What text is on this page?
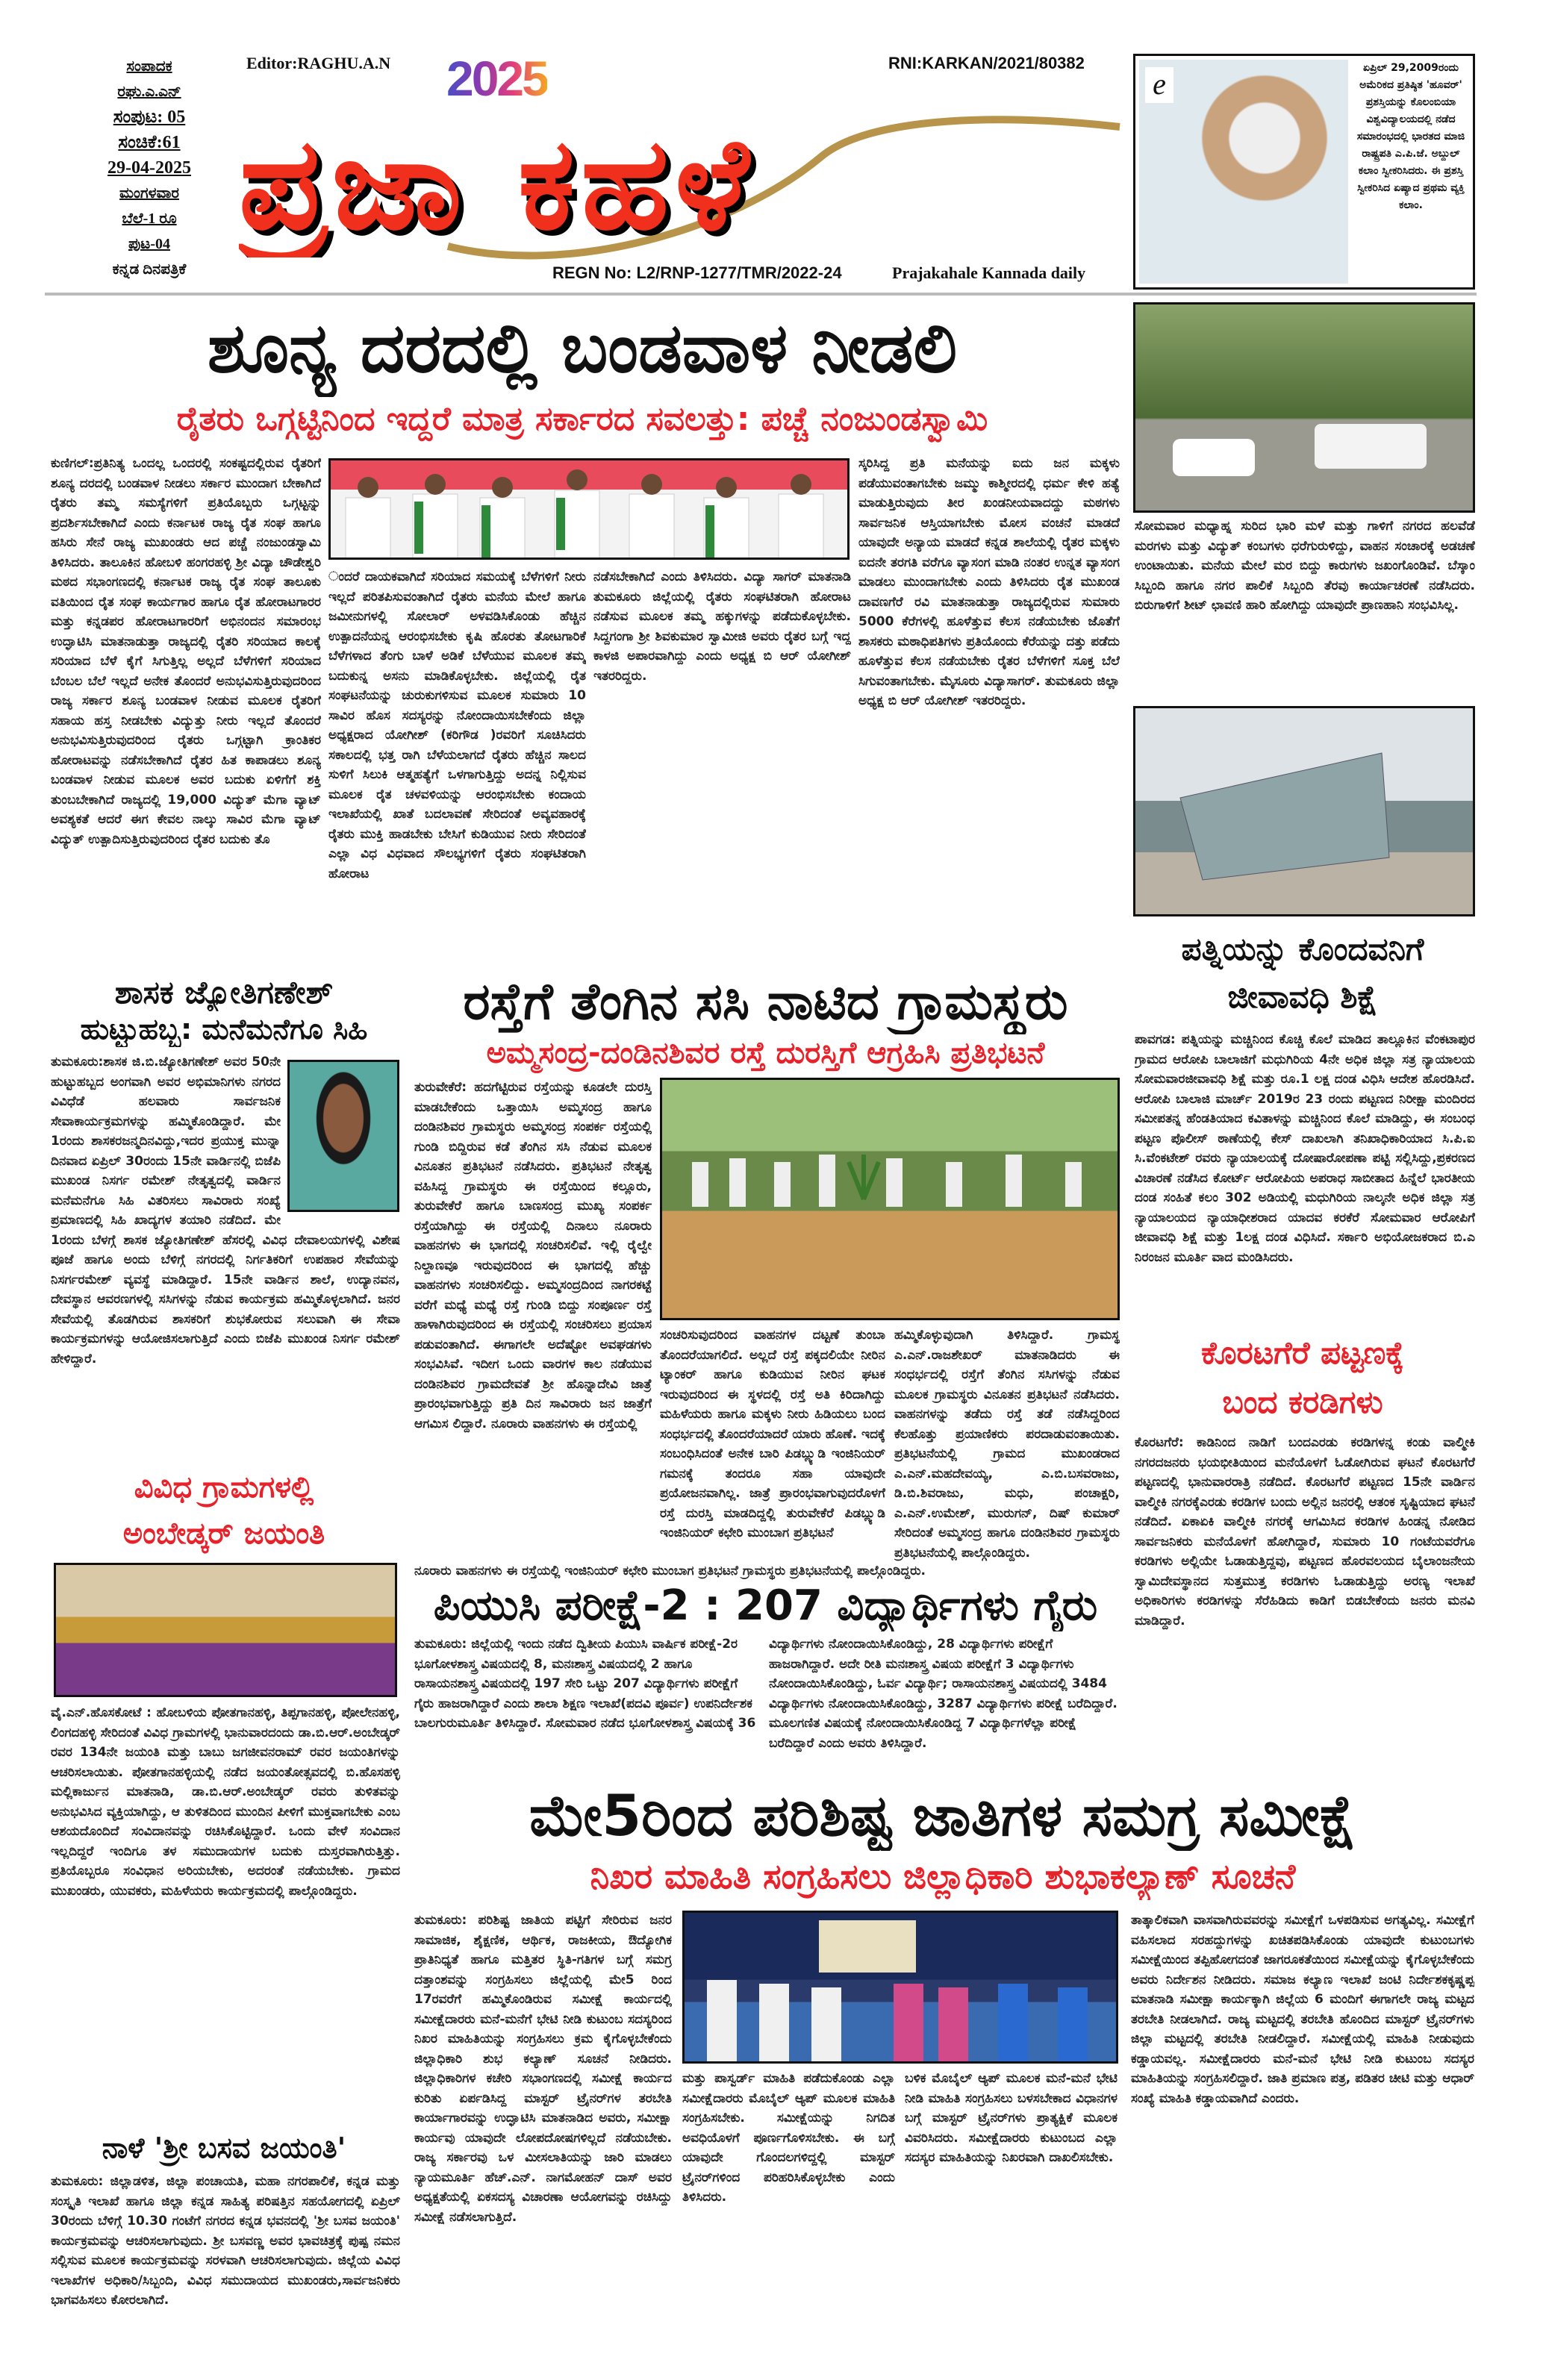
ಸಂಪಾದಕ
ರಘು.ಎ.ಎನ್
ಸಂಪುಟ: 05
ಸಂಚಿಕೆ:61
29-04-2025
ಮಂಗಳವಾರ
ಬೆಲೆ-1 ರೂ
ಪುಟ-04
ಕನ್ನಡ ದಿನಪತ್ರಿಕೆ
Editor:RAGHU.A.N 2025	RNI:KARKAN/2021/80382
ಪ್ರಜಾ ಕಹಳೆ
REGN No: L2/RNP-1277/TMR/2022-24	Prajakahale Kannada daily
e	ಏಪ್ರಿಲ್ 29,2009ರಂದು ಅಮೆರಿಕದ ಪ್ರತಿಷ್ಠಿತ 'ಹೂವರ್' ಪ್ರಶಸ್ತಿಯನ್ನು ಕೊಲಂಬಿಯಾ ವಿಶ್ವವಿದ್ಯಾಲಯದಲ್ಲಿ ನಡೆದ ಸಮಾರಂಭದಲ್ಲಿ ಭಾರತದ ಮಾಜಿ ರಾಷ್ಟ್ರಪತಿ ಎ.ಪಿ.ಜೆ. ಅಬ್ದುಲ್ ಕಲಾಂ ಸ್ವೀಕರಿಸಿದರು. ಈ ಪ್ರಶಸ್ತಿ ಸ್ವೀಕರಿಸಿದ ಏಷ್ಯಾದ ಪ್ರಥಮ ವ್ಯಕ್ತಿ ಕಲಾಂ.
ಶೂನ್ಯ ದರದಲ್ಲಿ ಬಂಡವಾಳ ನೀಡಲಿ
ರೈತರು ಒಗ್ಗಟ್ಟಿನಿಂದ ಇದ್ದರೆ ಮಾತ್ರ ಸರ್ಕಾರದ ಸವಲತ್ತು: ಪಚ್ಚೆ ನಂಜುಂಡಸ್ವಾಮಿ
ಕುಣಿಗಲ್:ಪ್ರತಿನಿತ್ಯ ಒಂದಲ್ಲ ಒಂದರಲ್ಲಿ ಸಂಕಷ್ಟದಲ್ಲಿರುವ ರೈತರಿಗೆ ಶೂನ್ಯ ದರದಲ್ಲಿ ಬಂಡವಾಳ ನೀಡಲು ಸರ್ಕಾರ ಮುಂದಾಗ ಬೇಕಾಗಿದೆ ರೈತರು ತಮ್ಮ ಸಮಸ್ಯೆಗಳಿಗೆ ಪ್ರತಿಯೊಬ್ಬರು ಒಗ್ಗಟ್ಟನ್ನು ಪ್ರದರ್ಶಿಸಬೇಕಾಗಿದೆ ಎಂದು ಕರ್ನಾಟಕ ರಾಜ್ಯ ರೈತ ಸಂಘ ಹಾಗೂ ಹಸಿರು ಸೇನೆ ರಾಜ್ಯ ಮುಖಂಡರು ಆದ ಪಚ್ಚೆ ನಂಜುಂಡಸ್ವಾಮಿ ತಿಳಿಸಿದರು. ತಾಲೂಕಿನ ಹೋಬಳಿ ಹಂಗರಹಳ್ಳಿ ಶ್ರೀ ವಿದ್ಯಾ ಚೌಡೇಶ್ವರಿ ಮಠದ ಸಭಾಂಗಣದಲ್ಲಿ ಕರ್ನಾಟಕ ರಾಜ್ಯ ರೈತ ಸಂಘ ತಾಲೂಕು ವತಿಯಿಂದ ರೈತ ಸಂಘ ಕಾರ್ಯಗಾರ ಹಾಗೂ ರೈತ ಹೋರಾಟಗಾರರ ಮತ್ತು ಕನ್ನಡಪರ ಹೋರಾಟಗಾರರಿಗೆ ಅಭಿನಂದನ ಸಮಾರಂಭ ಉದ್ಘಾಟಿಸಿ ಮಾತನಾಡುತ್ತಾ ರಾಜ್ಯದಲ್ಲಿ ರೈತರಿ ಸರಿಯಾದ ಕಾಲಕ್ಕೆ ಸರಿಯಾದ ಬೆಳೆ ಕೈಗೆ ಸಿಗುತ್ತಿಲ್ಲ ಅಲ್ಲದೆ ಬೆಳೆಗಳಿಗೆ ಸರಿಯಾದ ಬೆಂಬಲ ಬೆಲೆ ಇಲ್ಲದೆ ಅನೇಕ ತೊಂದರೆ ಅನುಭವಿಸುತ್ತಿರುವುದರಿಂದ ರಾಜ್ಯ ಸರ್ಕಾರ ಶೂನ್ಯ ಬಂಡವಾಳ ನೀಡುವ ಮೂಲಕ ರೈತರಿಗೆ ಸಹಾಯ ಹಸ್ತ ನೀಡಬೇಕು ವಿದ್ಯುತ್ತು ನೀರು ಇಲ್ಲದೆ ತೊಂದರೆ ಅನುಭವಿಸುತ್ತಿರುವುದರಿಂದ ರೈತರು ಒಗ್ಗಟ್ಟಾಗಿ ಕ್ರಾಂತಿಕರ ಹೋರಾಟವನ್ನು ನಡೆಸಬೇಕಾಗಿದೆ ರೈತರ ಹಿತ ಕಾಪಾಡಲು ಶೂನ್ಯ ಬಂಡವಾಳ ನೀಡುವ ಮೂಲಕ ಅವರ ಬದುಕು ಏಳಿಗೆಗೆ ಶಕ್ತಿ ತುಂಬಬೇಕಾಗಿದೆ ರಾಜ್ಯದಲ್ಲಿ 19,000 ವಿದ್ಯುತ್ ಮೆಗಾ ವ್ಯಾಟ್ ಅವಶ್ಯಕತೆ ಆದರೆ ಈಗ ಕೇವಲ ನಾಲ್ಕು ಸಾವಿರ ಮೆಗಾ ವ್ಯಾಟ್ ವಿದ್ಯುತ್ ಉತ್ಪಾದಿಸುತ್ತಿರುವುದರಿಂದ ರೈತರ ಬದುಕು ತೊ
ಂದರೆ ದಾಯಕವಾಗಿದೆ ಸರಿಯಾದ ಸಮಯಕ್ಕೆ ಬೆಳೆಗಳಿಗೆ ನೀರು ಇಲ್ಲದೆ ಪರಿತಪಿಸುವಂತಾಗಿದೆ ರೈತರು ಮನೆಯ ಮೇಲೆ ಹಾಗೂ ಜಮೀನುಗಳಲ್ಲಿ ಸೋಲಾರ್ ಅಳವಡಿಸಿಕೊಂಡು ಹೆಚ್ಚಿನ ಉತ್ಪಾದನೆಯನ್ನ ಆರಂಭಿಸಬೇಕು ಕೃಷಿ ಹೊರತು ತೋಟಗಾರಿಕೆ ಬೆಳೆಗಳಾದ ತೆಂಗು ಬಾಳೆ ಅಡಿಕೆ ಬೆಳೆಯುವ ಮೂಲಕ ತಮ್ಮ ಬದುಕುನ್ನ ಅಸನು ಮಾಡಿಕೊಳ್ಳಬೇಕು. ಜಿಲ್ಲೆಯಲ್ಲಿ ರೈತ ಸಂಘಟನೆಯನ್ನು ಚುರುಕುಗಳಿಸುವ ಮೂಲಕ ಸುಮಾರು 10 ಸಾವಿರ ಹೊಸ ಸದಸ್ಯರನ್ನು ನೋಂದಾಯಿಸಬೇಕೆಂದು ಜಿಲ್ಲಾ ಅಧ್ಯಕ್ಷರಾದ ಯೋಗೀಶ್ (ಕರಿಗೌಡ )ರವರಿಗೆ ಸೂಚಿಸಿದರು ಸಕಾಲದಲ್ಲಿ ಭತ್ತ ರಾಗಿ ಬೆಳೆಯಲಾಗದೆ ರೈತರು ಹೆಚ್ಚಿನ ಸಾಲದ ಸುಳಿಗೆ ಸಿಲುಕಿ ಆತ್ಮಹತ್ಯೆಗೆ ಒಳಗಾಗುತ್ತಿದ್ದು ಅದನ್ನ ನಿಲ್ಲಿಸುವ ಮೂಲಕ ರೈತ ಚಳವಳಿಯನ್ನು ಆರಂಭಿಸಬೇಕು ಕಂದಾಯ ಇಲಾಖೆಯಲ್ಲಿ ಖಾತೆ ಬದಲಾವಣೆ ಸೇರಿದಂತೆ ಅವ್ಯವಹಾರಕ್ಕೆ ರೈತರು ಮುಕ್ತಿ ಹಾಡಬೇಕು ಬೇಸಿಗೆ ಕುಡಿಯುವ ನೀರು ಸೇರಿದಂತೆ ಎಲ್ಲಾ ವಿಧ ವಿಧವಾದ ಸೌಲಭ್ಯಗಳಿಗೆ ರೈತರು ಸಂಘಟಿತರಾಗಿ ಹೋರಾಟ
ನಡೆಸಬೇಕಾಗಿದೆ ಎಂದು ತಿಳಿಸಿದರು. ವಿದ್ಯಾ ಸಾಗರ್ ಮಾತನಾಡಿ ತುಮಕೂರು ಜಿಲ್ಲೆಯಲ್ಲಿ ರೈತರು ಸಂಘಟಿತರಾಗಿ ಹೋರಾಟ ನಡೆಸುವ ಮೂಲಕ ತಮ್ಮ ಹಕ್ಕುಗಳನ್ನು ಪಡೆದುಕೊಳ್ಳಬೇಕು. ಸಿದ್ದಗಂಗಾ ಶ್ರೀ ಶಿವಕುಮಾರ ಸ್ವಾಮೀಜಿ ಅವರು ರೈತರ ಬಗ್ಗೆ ಇದ್ದ ಕಾಳಜಿ ಅಪಾರವಾಗಿದ್ದು ಎಂದು ಅಧ್ಯಕ್ಷ ಬಿ ಆರ್ ಯೋಗೀಶ್ ಇತರರಿದ್ದರು.
ಸ್ಕರಿಸಿದ್ದ ಪ್ರತಿ ಮನೆಯನ್ನು ಐದು ಜನ ಮಕ್ಕಳು ಪಡೆಯುವಂತಾಗಬೇಕು ಜಮ್ಮು ಕಾಶ್ಮೀರದಲ್ಲಿ ಧರ್ಮ ಕೇಳಿ ಹತ್ಯೆ ಮಾಡುತ್ತಿರುವುದು ತೀರ ಖಂಡನೀಯವಾದದ್ದು ಮಠಗಳು ಸಾರ್ವಜನಿಕ ಆಸ್ತಿಯಾಗಬೇಕು ಮೋಸ ವಂಚನೆ ಮಾಡದೆ ಯಾವುದೇ ಅನ್ಯಾಯ ಮಾಡದೆ ಕನ್ನಡ ಶಾಲೆಯಲ್ಲಿ ರೈತರ ಮಕ್ಕಳು ಐದನೇ ತರಗತಿ ವರೆಗೂ ವ್ಯಾಸಂಗ ಮಾಡಿ ನಂತರ ಉನ್ನತ ವ್ಯಾಸಂಗ ಮಾಡಲು ಮುಂದಾಗಬೇಕು ಎಂದು ತಿಳಿಸಿದರು ರೈತ ಮುಖಂಡ ದಾವಣಗೆರೆ ರವಿ ಮಾತನಾಡುತ್ತಾ ರಾಜ್ಯದಲ್ಲಿರುವ ಸುಮಾರು 5000 ಕೆರೆಗಳಲ್ಲಿ ಹೂಳೆತ್ತುವ ಕೆಲಸ ನಡೆಯಬೇಕು ಜೊತೆಗೆ ಶಾಸಕರು ಮಠಾಧಿಪತಿಗಳು ಪ್ರತಿಯೊಂದು ಕೆರೆಯನ್ನು ದತ್ತು ಪಡೆದು ಹೂಳೆತ್ತುವ ಕೆಲಸ ನಡೆಯಬೇಕು ರೈತರ ಬೆಳೆಗಳಿಗೆ ಸೂಕ್ತ ಬೆಲೆ ಸಿಗುವಂತಾಗಬೇಕು. ಮೈಸೂರು ವಿದ್ಯಾಸಾಗರ್. ತುಮಕೂರು ಜಿಲ್ಲಾ ಅಧ್ಯಕ್ಷ ಬಿ ಆರ್ ಯೋಗೀಶ್ ಇತರರಿದ್ದರು.
ಸೋಮವಾರ ಮಧ್ಯಾಹ್ನ ಸುರಿದ ಭಾರಿ ಮಳೆ ಮತ್ತು ಗಾಳಿಗೆ ನಗರದ ಹಲವೆಡೆ ಮರಗಳು ಮತ್ತು ವಿದ್ಯುತ್ ಕಂಬಗಳು ಧರೆಗುರುಳಿದ್ದು, ವಾಹನ ಸಂಚಾರಕ್ಕೆ ಅಡಚಣೆ ಉಂಟಾಯಿತು. ಮನೆಯ ಮೇಲೆ ಮರ ಬಿದ್ದು ಕಾರುಗಳು ಜಖಂಗೊಂಡಿವೆ. ಬೆಸ್ಕಾಂ ಸಿಬ್ಬಂದಿ ಹಾಗೂ ನಗರ ಪಾಲಿಕೆ ಸಿಬ್ಬಂದಿ ತೆರವು ಕಾರ್ಯಾಚರಣೆ ನಡೆಸಿದರು. ಬಿರುಗಾಳಿಗೆ ಶೀಟ್ ಛಾವಣಿ ಹಾರಿ ಹೋಗಿದ್ದು ಯಾವುದೇ ಪ್ರಾಣಹಾನಿ ಸಂಭವಿಸಿಲ್ಲ.
ಪತ್ನಿಯನ್ನು ಕೊಂದವನಿಗೆ
ಜೀವಾವಧಿ ಶಿಕ್ಷೆ
ಪಾವಗಡ: ಪತ್ನಿಯನ್ನು ಮಚ್ಚಿನಿಂದ ಕೊಚ್ಚಿ ಕೊಲೆ ಮಾಡಿದ ತಾಲ್ಲೂಕಿನ ವೆಂಕಟಾಪುರ ಗ್ರಾಮದ ಆರೋಪಿ ಬಾಲಾಜಿಗೆ ಮಧುಗಿರಿಯ 4ನೇ ಅಧಿಕ ಜಿಲ್ಲಾ ಸತ್ರ ನ್ಯಾಯಾಲಯ ಸೋಮವಾರಜೀವಾವಧಿ ಶಿಕ್ಷೆ ಮತ್ತು ರೂ.1 ಲಕ್ಷ ದಂಡ ವಿಧಿಸಿ ಆದೇಶ ಹೊರಡಿಸಿದೆ. ಆರೋಪಿ ಬಾಲಾಜಿ ಮಾರ್ಚ್ 2019ರ 23 ರಂದು ಪಟ್ಟಣದ ನಿರೀಕ್ಷಾ ಮಂದಿರದ ಸಮೀಪತನ್ನ ಹೆಂಡತಿಯಾದ ಕವಿತಾಳನ್ನು ಮಚ್ಚಿನಿಂದ ಕೊಲೆ ಮಾಡಿದ್ದು, ಈ ಸಂಬಂಧ ಪಟ್ಟಣ ಪೊಲೀಸ್ ಠಾಣೆಯಲ್ಲಿ ಕೇಸ್ ದಾಖಲಾಗಿ ತನಿಖಾಧಿಕಾರಿಯಾದ ಸಿ.ಪಿ.ಐ ಸಿ.ವೆಂಕಟೇಶ್ ರವರು ನ್ಯಾಯಾಲಯಕ್ಕೆ ದೋಷಾರೋಪಣಾ ಪಟ್ಟಿ ಸಲ್ಲಿಸಿದ್ದು,ಪ್ರಕರಣದ ವಿಚಾರಣೆ ನಡೆಸಿದ ಕೋರ್ಟ್ ಆರೋಪಿಯ ಅಪರಾಧ ಸಾಬೀತಾದ ಹಿನ್ನೆಲೆ ಭಾರತೀಯ ದಂಡ ಸಂಹಿತೆ ಕಲಂ 302 ಅಡಿಯಲ್ಲಿ ಮಧುಗಿರಿಯ ನಾಲ್ಕನೇ ಅಧಿಕ ಜಿಲ್ಲಾ ಸತ್ರ ನ್ಯಾಯಾಲಯದ ನ್ಯಾಯಾಧೀಶರಾದ ಯಾದವ ಕರಕೆರೆ ಸೋಮವಾರ ಆರೋಪಿಗೆ ಜೀವಾವಧಿ ಶಿಕ್ಷೆ ಮತ್ತು 1ಲಕ್ಷ ದಂಡ ವಿಧಿಸಿದೆ. ಸರ್ಕಾರಿ ಅಭಿಯೋಜಕರಾದ ಬಿ.ಎ ನಿರಂಜನ ಮೂರ್ತಿ ವಾದ ಮಂಡಿಸಿದರು.
ಕೊರಟಗೆರೆ ಪಟ್ಟಣಕ್ಕೆ
ಬಂದ ಕರಡಿಗಳು
ಕೊರಟಗೆರೆ: ಕಾಡಿನಿಂದ ನಾಡಿಗೆ ಬಂದಎರಡು ಕರಡಿಗಳನ್ನ ಕಂಡು ವಾಲ್ಮೀಕಿ ನಗರದಜನರು ಭಯಭೀತಿಯಿಂದ ಮನೆಯೊಳಗೆ ಓಡೋಗಿರುವ ಘಟನೆ ಕೊರಟಗೆರೆ ಪಟ್ಟಣದಲ್ಲಿ ಭಾನುವಾರರಾತ್ರಿ ನಡೆದಿದೆ. ಕೊರಟಗೆರೆ ಪಟ್ಟಣದ 15ನೇ ವಾರ್ಡಿನ ವಾಲ್ಮೀಕಿ ನಗರಕ್ಕೆಎರಡು ಕರಡಿಗಳ ಬಂದು ಅಲ್ಲಿನ ಜನರಲ್ಲಿ ಆತಂಕ ಸೃಷ್ಟಿಯಾದ ಘಟನೆ ನಡೆದಿದೆ. ಏಕಾಏಕಿ ವಾಲ್ಮೀಕಿ ನಗರಕ್ಕೆ ಆಗಮಿಸಿದ ಕರಡಿಗಳ ಹಿಂಡನ್ನ ನೋಡಿದ ಸಾರ್ವಜನಿಕರು ಮನೆಯೊಳಗೆ ಹೋಗಿದ್ದಾರೆ, ಸುಮಾರು 10 ಗಂಟೆಯವರೆಗೂ ಕರಡಿಗಳು ಅಲ್ಲಿಯೇ ಓಡಾಡುತ್ತಿದ್ದವು, ಪಟ್ಟಣದ ಹೊರವಲಯದ ಬೈಲಾಂಜನೇಯ ಸ್ವಾಮಿದೇವಸ್ಥಾನದ ಸುತ್ತಮುತ್ತ ಕರಡಿಗಳು ಓಡಾಡುತ್ತಿದ್ದು ಅರಣ್ಯ ಇಲಾಖೆ ಅಧಿಕಾರಿಗಳು ಕರಡಿಗಳನ್ನು ಸೆರೆಹಿಡಿದು ಕಾಡಿಗೆ ಬಿಡಬೇಕೆಂದು ಜನರು ಮನವಿ ಮಾಡಿದ್ದಾರೆ.
ಶಾಸಕ ಜ್ಯೋತಿಗಣೇಶ್
ಹುಟ್ಟುಹಬ್ಬ: ಮನೆಮನೆಗೂ ಸಿಹಿ
ತುಮಕೂರು:ಶಾಸಕ ಜಿ.ಬಿ.ಜ್ಯೋತಿಗಣೇಶ್ ಅವರ 50ನೇ ಹುಟ್ಟುಹಬ್ಬದ ಅಂಗವಾಗಿ ಅವರ ಅಭಿಮಾನಿಗಳು ನಗರದ ವಿವಿಧೆಡೆ ಹಲವಾರು ಸಾರ್ವಜನಿಕ ಸೇವಾಕಾರ್ಯಕ್ರಮಗಳನ್ನು ಹಮ್ಮಿಕೊಂಡಿದ್ದಾರೆ. ಮೇ 1ರಂದು ಶಾಸಕರಜನ್ಮದಿನವಿದ್ದು,ಇದರ ಪ್ರಯುಕ್ತ ಮುನ್ನಾ ದಿನವಾದ ಏಪ್ರಿಲ್ 30ರಂದು 15ನೇ ವಾರ್ಡಿನಲ್ಲಿ ಬಿಜೆಪಿ ಮುಖಂಡ ನಿಸರ್ಗ ರಮೇಶ್ ನೇತೃತ್ವದಲ್ಲಿ ವಾರ್ಡಿನ ಮನೆಮನೆಗೂ ಸಿಹಿ ವಿತರಿಸಲು ಸಾವಿರಾರು ಸಂಖ್ಯೆ ಪ್ರಮಾಣದಲ್ಲಿ ಸಿಹಿ ಖಾದ್ಯಗಳ ತಯಾರಿ ನಡೆದಿದೆ. ಮೇ 1ರಂದು ಬೆಳಗ್ಗೆ ಶಾಸಕ ಜ್ಯೋತಿಗಣೇಶ್ ಹೆಸರಲ್ಲಿ ವಿವಿಧ ದೇವಾಲಯಗಳಲ್ಲಿ ವಿಶೇಷ ಪೂಜೆ ಹಾಗೂ ಅಂದು ಬೆಳಿಗ್ಗೆ ನಗರದಲ್ಲಿ ನಿರ್ಗತಿಕರಿಗೆ ಉಪಹಾರ ಸೇವೆಯನ್ನು ನಿಸರ್ಗರಮೇಶ್ ವ್ಯವಸ್ಥೆ ಮಾಡಿದ್ದಾರೆ. 15ನೇ ವಾರ್ಡಿನ ಶಾಲೆ, ಉದ್ಯಾನವನ, ದೇವಸ್ಥಾನ ಆವರಣಗಳಲ್ಲಿ ಸಸಿಗಳನ್ನು ನೆಡುವ ಕಾರ್ಯಕ್ರಮ ಹಮ್ಮಿಕೊಳ್ಳಲಾಗಿದೆ. ಜನರ ಸೇವೆಯಲ್ಲಿ ತೊಡಗಿರುವ ಶಾಸಕರಿಗೆ ಶುಭಕೋರುವ ಸಲುವಾಗಿ ಈ ಸೇವಾ ಕಾರ್ಯಕ್ರಮಗಳನ್ನು ಆಯೋಜಿಸಲಾಗುತ್ತಿದೆ ಎಂದು ಬಿಜೆಪಿ ಮುಖಂಡ ನಿಸರ್ಗ ರಮೇಶ್ ಹೇಳಿದ್ದಾರೆ.
ವಿವಿಧ ಗ್ರಾಮಗಳಲ್ಲಿ
ಅಂಬೇಡ್ಕರ್ ಜಯಂತಿ
ವೈ.ಎನ್.ಹೊಸಕೋಟೆ : ಹೋಬಳಿಯ ಪೋತಗಾನಹಳ್ಳಿ, ತಿಪ್ಪಗಾನಹಳ್ಳಿ, ಪೋಲೇನಹಳ್ಳಿ, ಲಿಂಗದಹಳ್ಳಿ ಸೇರಿದಂತೆ ವಿವಿಧ ಗ್ರಾಮಗಳಲ್ಲಿ ಭಾನುವಾರದಂದು ಡಾ.ಬಿ.ಆರ್.ಅಂಬೇಡ್ಕರ್ ರವರ 134ನೇ ಜಯಂತಿ ಮತ್ತು ಬಾಬು ಜಗಜೀವನರಾಮ್ ರವರ ಜಯಂತಿಗಳನ್ನು ಆಚರಿಸಲಾಯಿತು. ಪೋತಗಾನಹಳ್ಳಿಯಲ್ಲಿ ನಡೆದ ಜಯಂತೋತ್ಸವದಲ್ಲಿ ಬಿ.ಹೊಸಹಳ್ಳಿ ಮಲ್ಲಿಕಾರ್ಜುನ ಮಾತನಾಡಿ, ಡಾ.ಬಿ.ಆರ್.ಅಂಬೇಡ್ಕರ್ ರವರು ತುಳಿತವನ್ನು ಅನುಭವಿಸಿದ ವ್ಯಕ್ತಿಯಾಗಿದ್ದು, ಆ ತುಳಿತದಿಂದ ಮುಂದಿನ ಪೀಳಿಗೆ ಮುಕ್ತವಾಗಬೇಕು ಎಂಬ ಆಶಯದೊಂದಿದೆ ಸಂವಿದಾನವನ್ನು ರಚಿಸಿಕೊಟ್ಟಿದ್ದಾರೆ. ಒಂದು ವೇಳೆ ಸಂವಿದಾನ ಇಲ್ಲದಿದ್ದರೆ ಇಂದಿಗೂ ತಳ ಸಮುದಾಯಗಳ ಬದುಕು ದುಸ್ತರವಾಗಿರುತ್ತಿತ್ತು. ಪ್ರತಿಯೊಬ್ಬರೂ ಸಂವಿಧಾನ ಅರಿಯಬೇಕು, ಅದರಂತೆ ನಡೆಯಬೇಕು. ಗ್ರಾಮದ ಮುಖಂಡರು, ಯುವಕರು, ಮಹಿಳೆಯರು ಕಾರ್ಯಕ್ರಮದಲ್ಲಿ ಪಾಲ್ಗೊಂಡಿದ್ದರು.
ನಾಳೆ 'ಶ್ರೀ ಬಸವ ಜಯಂತಿ'
ತುಮಕೂರು: ಜಿಲ್ಲಾಡಳಿತ, ಜಿಲ್ಲಾ ಪಂಚಾಯತಿ, ಮಹಾ ನಗರಪಾಲಿಕೆ, ಕನ್ನಡ ಮತ್ತು ಸಂಸ್ಕೃತಿ ಇಲಾಖೆ ಹಾಗೂ ಜಿಲ್ಲಾ ಕನ್ನಡ ಸಾಹಿತ್ಯ ಪರಿಷತ್ತಿನ ಸಹಯೋಗದಲ್ಲಿ ಏಪ್ರಿಲ್ 30ರಂದು ಬೆಳಿಗ್ಗೆ 10.30 ಗಂಟೆಗೆ ನಗರದ ಕನ್ನಡ ಭವನದಲ್ಲಿ 'ಶ್ರೀ ಬಸವ ಜಯಂತಿ' ಕಾರ್ಯಕ್ರಮವನ್ನು ಆಚರಿಸಲಾಗುವುದು. ಶ್ರೀ ಬಸವಣ್ಣ ಅವರ ಭಾವಚಿತ್ರಕ್ಕೆ ಪುಷ್ಪ ನಮನ ಸಲ್ಲಿಸುವ ಮೂಲಕ ಕಾರ್ಯಕ್ರಮವನ್ನು ಸರಳವಾಗಿ ಆಚರಿಸಲಾಗುವುದು. ಜಿಲ್ಲೆಯ ವಿವಿಧ ಇಲಾಖೆಗಳ ಅಧಿಕಾರಿ/ಸಿಬ್ಬಂದಿ, ವಿವಿಧ ಸಮುದಾಯದ ಮುಖಂಡರು,ಸಾರ್ವಜನಿಕರು ಭಾಗವಹಿಸಲು ಕೋರಲಾಗಿದೆ.
ರಸ್ತೆಗೆ ತೆಂಗಿನ ಸಸಿ ನಾಟಿದ ಗ್ರಾಮಸ್ಥರು
ಅಮ್ಮಸಂದ್ರ-ದಂಡಿನಶಿವರ ರಸ್ತೆ ದುರಸ್ತಿಗೆ ಆಗ್ರಹಿಸಿ ಪ್ರತಿಭಟನೆ
ತುರುವೇಕೆರೆ: ಹದಗೆಟ್ಟಿರುವ ರಸ್ತೆಯನ್ನು ಕೂಡಲೇ ದುರಸ್ತಿ ಮಾಡಬೇಕೆಂದು ಒತ್ತಾಯಿಸಿ ಅಮ್ಮಸಂದ್ರ ಹಾಗೂ ದಂಡಿನಶಿವರ ಗ್ರಾಮಸ್ಥರು ಅಮ್ಮಸಂದ್ರ ಸಂಪರ್ಕ ರಸ್ತೆಯಲ್ಲಿ ಗುಂಡಿ ಬಿದ್ದಿರುವ ಕಡೆ ತೆಂಗಿನ ಸಸಿ ನೆಡುವ ಮೂಲಕ ವಿನೂತನ ಪ್ರತಿಭಟನೆ ನಡೆಸಿದರು. ಪ್ರತಿಭಟನೆ ನೇತೃತ್ವ ವಹಿಸಿದ್ದ ಗ್ರಾಮಸ್ಥರು ಈ ರಸ್ತೆಯಿಂದ ಕಲ್ಲೂರು, ತುರುವೇಕೆರೆ ಹಾಗೂ ಬಾಣಸಂದ್ರ ಮುಖ್ಯ ಸಂಪರ್ಕ ರಸ್ತೆಯಾಗಿದ್ದು ಈ ರಸ್ತೆಯಲ್ಲಿ ದಿನಾಲು ನೂರಾರು ವಾಹನಗಳು ಈ ಭಾಗದಲ್ಲಿ ಸಂಚರಿಸಲಿವೆ. ಇಲ್ಲಿ ರೈಲ್ವೇ ನಿಲ್ದಾಣವೂ ಇರುವುದರಿಂದ ಈ ಭಾಗದಲ್ಲಿ ಹೆಚ್ಚು ವಾಹನಗಳು ಸಂಚರಿಸಲಿದ್ದು. ಅಮ್ಮಸಂದ್ರದಿಂದ ನಾಗರಕಟ್ಟೆ ವರೆಗೆ ಮಧ್ಯೆ ಮಧ್ಯೆ ರಸ್ತೆ ಗುಂಡಿ ಬಿದ್ದು ಸಂಪೂರ್ಣ ರಸ್ತೆ ಹಾಳಾಗಿರುವುದರಿಂದ ಈ ರಸ್ತೆಯಲ್ಲಿ ಸಂಚರಿಸಲು ಪ್ರಯಾಸ ಪಡುವಂತಾಗಿದೆ. ಈಗಾಗಲೇ ಅದೆಷ್ಟೋ ಅವಘಡಗಳು ಸಂಭವಿಸಿವೆ. ಇದೀಗ ಒಂದು ವಾರಗಳ ಕಾಲ ನಡೆಯುವ ದಂಡಿನಶಿವರ ಗ್ರಾಮದೇವತೆ ಶ್ರೀ ಹೊನ್ನಾದೇವಿ ಜಾತ್ರೆ ಪ್ರಾರಂಭವಾಗುತ್ತಿದ್ದು ಪ್ರತಿ ದಿನ ಸಾವಿರಾರು ಜನ ಜಾತ್ರೆಗೆ ಆಗಮಿಸ ಲಿದ್ದಾರೆ. ನೂರಾರು ವಾಹನಗಳು ಈ ರಸ್ತೆಯಲ್ಲಿ
ಸಂಚರಿಸುವುದರಿಂದ ವಾಹನಗಳ ದಟ್ಟಣೆ ತುಂಬಾ ತೊಂದರೆಯಾಗಲಿದೆ. ಅಲ್ಲದೆ ರಸ್ತೆ ಪಕ್ಕದಲಿಯೇ ನೀರಿನ ಟ್ಯಾಂಕರ್ ಹಾಗೂ ಕುಡಿಯುವ ನೀರಿನ ಘಟಕ ಇರುವುದರಿಂದ ಈ ಸ್ಥಳದಲ್ಲಿ ರಸ್ತೆ ಅತಿ ಕಿರಿದಾಗಿದ್ದು ಮಹಿಳೆಯರು ಹಾಗೂ ಮಕ್ಕಳು ನೀರು ಹಿಡಿಯಲು ಬಂದ ಸಂಧರ್ಭದಲ್ಲಿ ತೊಂದರೆಯಾದರೆ ಯಾರು ಹೊಣೆ. ಇದಕ್ಕೆ ಸಂಬಂಧಿಸಿದಂತೆ ಅನೇಕ ಬಾರಿ ಪಿಡಬ್ಲ್ಯುಡಿ ಇಂಜಿನಿಯರ್ ಗಮನಕ್ಕೆ ತಂದರೂ ಸಹಾ ಯಾವುದೇ ಪ್ರಯೋಜನವಾಗಿಲ್ಲ. ಜಾತ್ರೆ ಪ್ರಾರಂಭವಾಗುವುದರೊಳಗೆ ರಸ್ತೆ ದುರಸ್ತಿ ಮಾಡದಿದ್ದಲ್ಲಿ ತುರುವೇಕೆರೆ ಪಿಡಬ್ಲ್ಯುಡಿ ಇಂಜಿನಿಯರ್ ಕಛೇರಿ ಮುಂಬಾಗ ಪ್ರತಿಭಟನೆ
ಹಮ್ಮಿಕೊಳ್ಳುವುದಾಗಿ ತಿಳಿಸಿದ್ದಾರೆ. ಗ್ರಾಮಸ್ಥ ಎ.ಎನ್.ರಾಜಶೇಖರ್ ಮಾತನಾಡಿದರು ಈ ಸಂಧರ್ಭದಲ್ಲಿ ರಸ್ತೆಗೆ ತೆಂಗಿನ ಸಸಿಗಳನ್ನು ನೆಡುವ ಮೂಲಕ ಗ್ರಾಮಸ್ಥರು ವಿನೂತನ ಪ್ರತಿಭಟನೆ ನಡೆಸಿದರು. ವಾಹನಗಳನ್ನು ತಡೆದು ರಸ್ತೆ ತಡೆ ನಡೆಸಿದ್ದರಿಂದ ಕೆಲಹೊತ್ತು ಪ್ರಯಾಣಿಕರು ಪರದಾಡುವಂತಾಯಿತು. ಪ್ರತಿಭಟನೆಯಲ್ಲಿ ಗ್ರಾಮದ ಮುಖಂಡರಾದ ಎ.ಎನ್.ಮಹದೇವಯ್ಯ, ಎ.ಬಿ.ಬಸವರಾಜು, ಡಿ.ಬಿ.ಶಿವರಾಜು, ಮಧು, ಪಂಚಾಕ್ಷರಿ, ಎ.ಎನ್.ಉಮೇಶ್, ಮುರುಗನ್, ದಿಷ್ ಕುಮಾರ್ ಸೇರಿದಂತೆ ಅಮ್ಮಸಂದ್ರ ಹಾಗೂ ದಂಡಿನಶಿವರ ಗ್ರಾಮಸ್ಥರು ಪ್ರತಿಭಟನೆಯಲ್ಲಿ ಪಾಲ್ಗೊಂಡಿದ್ದರು.
ನೂರಾರು ವಾಹನಗಳು ಈ ರಸ್ತೆಯಲ್ಲಿ ಇಂಜಿನಿಯರ್ ಕಛೇರಿ ಮುಂಬಾಗ ಪ್ರತಿಭಟನೆ ಗ್ರಾಮಸ್ಥರು ಪ್ರತಿಭಟನೆಯಲ್ಲಿ ಪಾಲ್ಗೊಂಡಿದ್ದರು.
ಪಿಯುಸಿ ಪರೀಕ್ಷೆ-2 : 207 ವಿದ್ಯಾರ್ಥಿಗಳು ಗೈರು
ತುಮಕೂರು: ಜಿಲ್ಲೆಯಲ್ಲಿ ಇಂದು ನಡೆದ ದ್ವಿತೀಯ ಪಿಯುಸಿ ವಾರ್ಷಿಕ ಪರೀಕ್ಷೆ-2ರ ಭೂಗೋಳಶಾಸ್ತ್ರ ವಿಷಯದಲ್ಲಿ 8, ಮನಃಶಾಸ್ತ್ರ ವಿಷಯದಲ್ಲಿ 2 ಹಾಗೂ ರಾಸಾಯನಶಾಸ್ತ್ರ ವಿಷಯದಲ್ಲಿ 197 ಸೇರಿ ಒಟ್ಟು 207 ವಿದ್ಯಾರ್ಥಿಗಳು ಪರೀಕ್ಷೆಗೆ ಗೈರು ಹಾಜರಾಗಿದ್ದಾರೆ ಎಂದು ಶಾಲಾ ಶಿಕ್ಷಣ ಇಲಾಖೆ(ಪದವಿ ಪೂರ್ವ) ಉಪನಿರ್ದೇಶಕ ಬಾಲಗುರುಮೂರ್ತಿ ತಿಳಿಸಿದ್ದಾರೆ. ಸೋಮವಾರ ನಡೆದ ಭೂಗೋಳಶಾಸ್ತ್ರ ವಿಷಯಕ್ಕೆ 36
ವಿದ್ಯಾರ್ಥಿಗಳು ನೋಂದಾಯಿಸಿಕೊಂಡಿದ್ದು, 28 ವಿದ್ಯಾರ್ಥಿಗಳು ಪರೀಕ್ಷೆಗೆ ಹಾಜರಾಗಿದ್ದಾರೆ. ಅದೇ ರೀತಿ ಮನಃಶಾಸ್ತ್ರ ವಿಷಯ ಪರೀಕ್ಷೆಗೆ 3 ವಿದ್ಯಾರ್ಥಿಗಳು ನೋಂದಾಯಿಸಿಕೊಂಡಿದ್ದು, ಓರ್ವ ವಿದ್ಯಾರ್ಥಿ; ರಾಸಾಯನಶಾಸ್ತ್ರ ವಿಷಯದಲ್ಲಿ 3484 ವಿದ್ಯಾರ್ಥಿಗಳು ನೋಂದಾಯಿಸಿಕೊಂಡಿದ್ದು, 3287 ವಿದ್ಯಾರ್ಥಿಗಳು ಪರೀಕ್ಷೆ ಬರೆದಿದ್ದಾರೆ. ಮೂಲಗಣಿತ ವಿಷಯಕ್ಕೆ ನೋಂದಾಯಿಸಿಕೊಂಡಿದ್ದ 7 ವಿದ್ಯಾರ್ಥಿಗಳೆಲ್ಲಾ ಪರೀಕ್ಷೆ ಬರೆದಿದ್ದಾರೆ ಎಂದು ಅವರು ತಿಳಿಸಿದ್ದಾರೆ.
ಮೇ5ರಿಂದ ಪರಿಶಿಷ್ಟ ಜಾತಿಗಳ ಸಮಗ್ರ ಸಮೀಕ್ಷೆ
ನಿಖರ ಮಾಹಿತಿ ಸಂಗ್ರಹಿಸಲು ಜಿಲ್ಲಾಧಿಕಾರಿ ಶುಭಾಕಲ್ಯಾಣ್ ಸೂಚನೆ
ತುಮಕೂರು: ಪರಿಶಿಷ್ಟ ಜಾತಿಯ ಪಟ್ಟಿಗೆ ಸೇರಿರುವ ಜನರ ಸಾಮಾಜಿಕ, ಶೈಕ್ಷಣಿಕ, ಆರ್ಥಿಕ, ರಾಜಕೀಯ, ಔದ್ಯೋಗಿಕ ಪ್ರಾತಿನಿಧ್ಯತೆ ಹಾಗೂ ಮತ್ತಿತರ ಸ್ಥಿತಿ-ಗತಿಗಳ ಬಗ್ಗೆ ಸಮಗ್ರ ದತ್ತಾಂಶವನ್ನು ಸಂಗ್ರಹಿಸಲು ಜಿಲ್ಲೆಯಲ್ಲಿ ಮೇ5 ರಿಂದ 17ರವರೆಗೆ ಹಮ್ಮಿಕೊಂಡಿರುವ ಸಮೀಕ್ಷೆ ಕಾರ್ಯದಲ್ಲಿ ಸಮೀಕ್ಷೆದಾರರು ಮನೆ-ಮನೆಗೆ ಭೇಟಿ ನೀಡಿ ಕುಟುಂಬ ಸದಸ್ಯರಿಂದ ನಿಖರ ಮಾಹಿತಿಯನ್ನು ಸಂಗ್ರಹಿಸಲು ಕ್ರಮ ಕೈಗೊಳ್ಳಬೇಕೆಂದು ಜಿಲ್ಲಾಧಿಕಾರಿ ಶುಭ ಕಲ್ಯಾಣ್ ಸೂಚನೆ ನೀಡಿದರು. ಜಿಲ್ಲಾಧಿಕಾರಿಗಳ ಕಚೇರಿ ಸಭಾಂಗಣದಲ್ಲಿ ಸಮೀಕ್ಷೆ ಕಾರ್ಯದ ಕುರಿತು ಏರ್ಪಡಿಸಿದ್ದ ಮಾಸ್ಟರ್ ಟ್ರೈನರ್‌ಗಳ ತರಬೇತಿ ಕಾರ್ಯಾಗಾರವನ್ನು ಉದ್ಘಾಟಿಸಿ ಮಾತನಾಡಿದ ಅವರು, ಸಮೀಕ್ಷಾ ಕಾರ್ಯವು ಯಾವುದೇ ಲೋಪದೋಷಗಳಿಲ್ಲದೆ ನಡೆಯಬೇಕು. ರಾಜ್ಯ ಸರ್ಕಾರವು ಒಳ ಮೀಸಲಾತಿಯನ್ನು ಜಾರಿ ಮಾಡಲು ನ್ಯಾಯಮೂರ್ತಿ ಹೆಚ್.ಎನ್. ನಾಗಮೋಹನ್ ದಾಸ್ ಅವರ ಅಧ್ಯಕ್ಷತೆಯಲ್ಲಿ ಏಕಸದಸ್ಯ ವಿಚಾರಣಾ ಆಯೋಗವನ್ನು ರಚಿಸಿದ್ದು ಸಮೀಕ್ಷೆ ನಡೆಸಲಾಗುತ್ತಿದೆ.
ಮತ್ತು ಪಾಸ್ವರ್ಡ್ ಮಾಹಿತಿ ಪಡೆದುಕೊಂಡು ಎಲ್ಲಾ ಸಮೀಕ್ಷೆದಾರರು ಮೊಬೈಲ್ ಆ್ಯಪ್ ಮೂಲಕ ಮಾಹಿತಿ ಸಂಗ್ರಹಿಸಬೇಕು. ಸಮೀಕ್ಷೆಯನ್ನು ನಿಗದಿತ ಅವಧಿಯೊಳಗೆ ಪೂರ್ಣಗೊಳಿಸಬೇಕು. ಈ ಬಗ್ಗೆ ಯಾವುದೇ ಗೊಂದಲಗಳಿದ್ದಲ್ಲಿ ಮಾಸ್ಟರ್ ಟ್ರೈನರ್‌ಗಳಿಂದ ಪರಿಹರಿಸಿಕೊಳ್ಳಬೇಕು ಎಂದು ತಿಳಿಸಿದರು.
ಬಳಿಕ ಮೊಬೈಲ್ ಆ್ಯಪ್ ಮೂಲಕ ಮನೆ-ಮನೆ ಭೇಟಿ ನೀಡಿ ಮಾಹಿತಿ ಸಂಗ್ರಹಿಸಲು ಬಳಸಬೇಕಾದ ವಿಧಾನಗಳ ಬಗ್ಗೆ ಮಾಸ್ಟರ್ ಟ್ರೈನರ್‌ಗಳು ಪ್ರಾತ್ಯಕ್ಷಿಕೆ ಮೂಲಕ ವಿವರಿಸಿದರು. ಸಮೀಕ್ಷೆದಾರರು ಕುಟುಂಬದ ಎಲ್ಲಾ ಸದಸ್ಯರ ಮಾಹಿತಿಯನ್ನು ನಿಖರವಾಗಿ ದಾಖಲಿಸಬೇಕು.
ತಾತ್ಕಾಲಿಕವಾಗಿ ವಾಸವಾಗಿರುವವರನ್ನು ಸಮೀಕ್ಷೆಗೆ ಒಳಪಡಿಸುವ ಅಗತ್ಯವಿಲ್ಲ. ಸಮೀಕ್ಷೆಗೆ ವಹಿಸಲಾದ ಸರಹದ್ದುಗಳನ್ನು ಖಚಿತಪಡಿಸಿಕೊಂಡು ಯಾವುದೇ ಕುಟುಂಬಗಳು ಸಮೀಕ್ಷೆಯಿಂದ ತಪ್ಪಿಹೋಗದಂತೆ ಜಾಗರೂಕತೆಯಿಂದ ಸಮೀಕ್ಷೆಯನ್ನು ಕೈಗೊಳ್ಳಬೇಕೆಂದು ಅವರು ನಿರ್ದೇಶನ ನೀಡಿದರು. ಸಮಾಜ ಕಲ್ಯಾಣ ಇಲಾಖೆ ಜಂಟಿ ನಿರ್ದೇಶಕಕೃಷ್ಣಪ್ಪ ಮಾತನಾಡಿ ಸಮೀಕ್ಷಾ ಕಾರ್ಯಕ್ಕಾಗಿ ಜಿಲ್ಲೆಯ 6 ಮಂದಿಗೆ ಈಗಾಗಲೇ ರಾಜ್ಯ ಮಟ್ಟದ ತರಬೇತಿ ನೀಡಲಾಗಿದೆ. ರಾಜ್ಯ ಮಟ್ಟದಲ್ಲಿ ತರಬೇತಿ ಹೊಂದಿದ ಮಾಸ್ಟರ್ ಟ್ರೈನರ್‌ಗಳು ಜಿಲ್ಲಾ ಮಟ್ಟದಲ್ಲಿ ತರಬೇತಿ ನೀಡಲಿದ್ದಾರೆ. ಸಮೀಕ್ಷೆಯಲ್ಲಿ ಮಾಹಿತಿ ನೀಡುವುದು ಕಡ್ಡಾಯವಲ್ಲ. ಸಮೀಕ್ಷೆದಾರರು ಮನೆ-ಮನೆ ಭೇಟಿ ನೀಡಿ ಕುಟುಂಬ ಸದಸ್ಯರ ಮಾಹಿತಿಯನ್ನು ಸಂಗ್ರಹಿಸಲಿದ್ದಾರೆ. ಜಾತಿ ಪ್ರಮಾಣ ಪತ್ರ, ಪಡಿತರ ಚೀಟಿ ಮತ್ತು ಆಧಾರ್ ಸಂಖ್ಯೆ ಮಾಹಿತಿ ಕಡ್ಡಾಯವಾಗಿದೆ ಎಂದರು.
